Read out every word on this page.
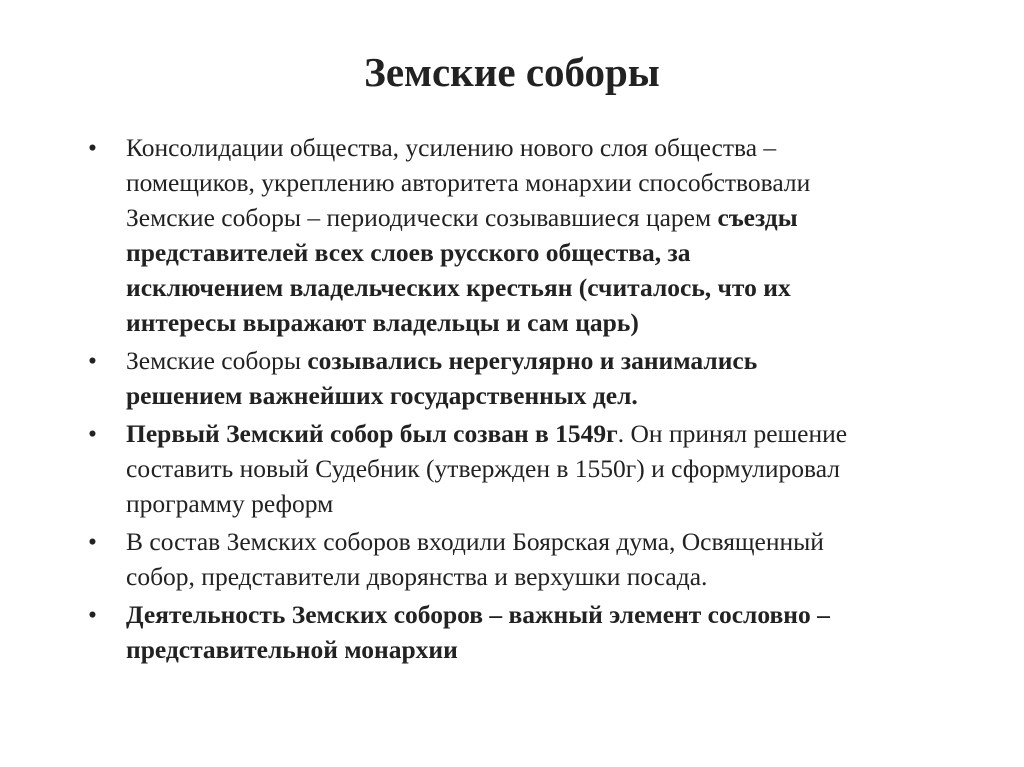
Земские соборы
•	Консолидации общества, усилению нового слоя общества –
помещиков, укреплению авторитета монархии способствовали
Земские соборы – периодически созывавшиеся царем съезды
представителей всех слоев русского общества, за
исключением владельческих крестьян (считалось, что их
интересы выражают владельцы и сам царь)
•	Земские соборы созывались нерегулярно и занимались
решением важнейших государственных дел.
•	Первый Земский собор был созван в 1549г. Он принял решение
составить новый Судебник (утвержден в 1550г) и сформулировал
программу реформ
•	В состав Земских соборов входили Боярская дума, Освященный
собор, представители дворянства и верхушки посада.
•	Деятельность Земских соборов – важный элемент сословно –
представительной монархии
